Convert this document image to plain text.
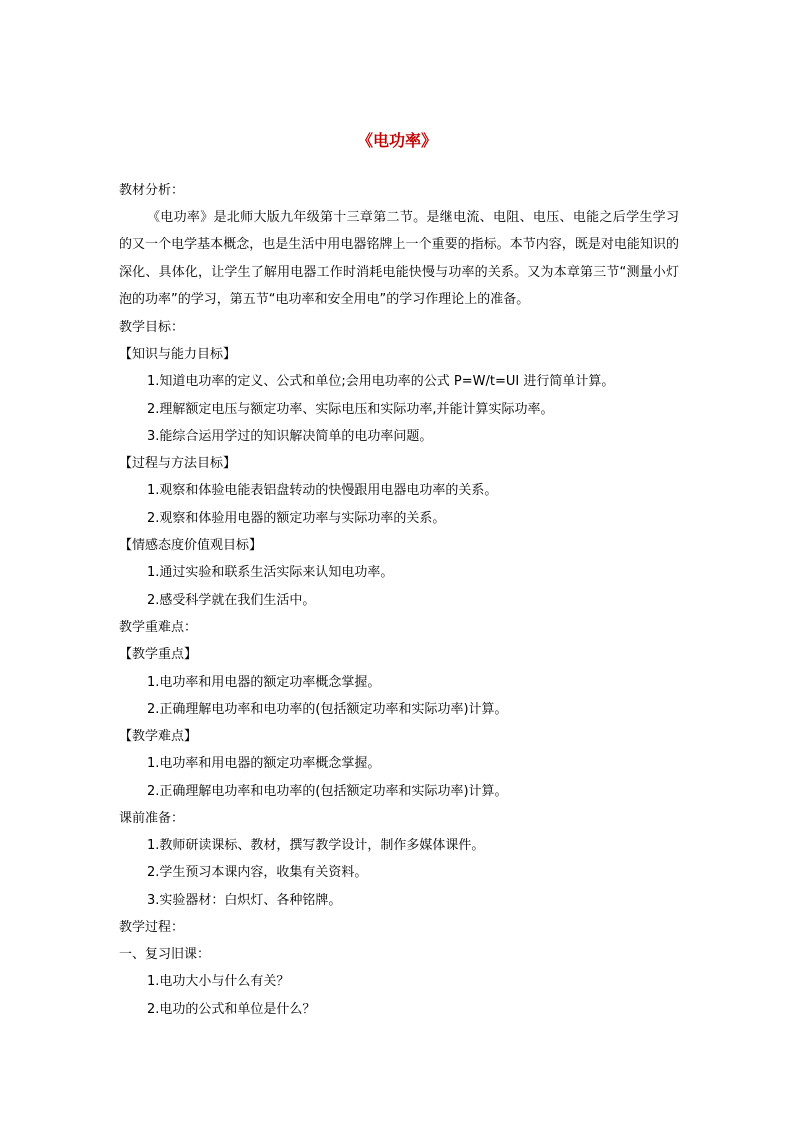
《电功率》
教材分析：
《电功率》是北师大版九年级第十三章第二节。是继电流、电阻、电压、电能之后学生学习的又一个电学基本概念，也是生活中用电器铭牌上一个重要的指标。本节内容，既是对电能知识的深化、具体化，让学生了解用电器工作时消耗电能快慢与功率的关系。又为本章第三节“测量小灯泡的功率”的学习，第五节“电功率和安全用电”的学习作理论上的准备。
教学目标：
【知识与能力目标】
1.知道电功率的定义、公式和单位;会用电功率的公式 P=W/t=UI 进行简单计算。
2.理解额定电压与额定功率、实际电压和实际功率,并能计算实际功率。
3.能综合运用学过的知识解决简单的电功率问题。
【过程与方法目标】
1.观察和体验电能表铝盘转动的快慢跟用电器电功率的关系。
2.观察和体验用电器的额定功率与实际功率的关系。
【情感态度价值观目标】
1.通过实验和联系生活实际来认知电功率。
2.感受科学就在我们生活中。
教学重难点：
【教学重点】
1.电功率和用电器的额定功率概念掌握。
2.正确理解电功率和电功率的(包括额定功率和实际功率)计算。
【教学难点】
1.电功率和用电器的额定功率概念掌握。
2.正确理解电功率和电功率的(包括额定功率和实际功率)计算。
课前准备：
1.教师研读课标、教材，撰写教学设计，制作多媒体课件。
2.学生预习本课内容，收集有关资料。
3.实验器材：白炽灯、各种铭牌。
教学过程：
一、复习旧课：
1.电功大小与什么有关？
2.电功的公式和单位是什么？
